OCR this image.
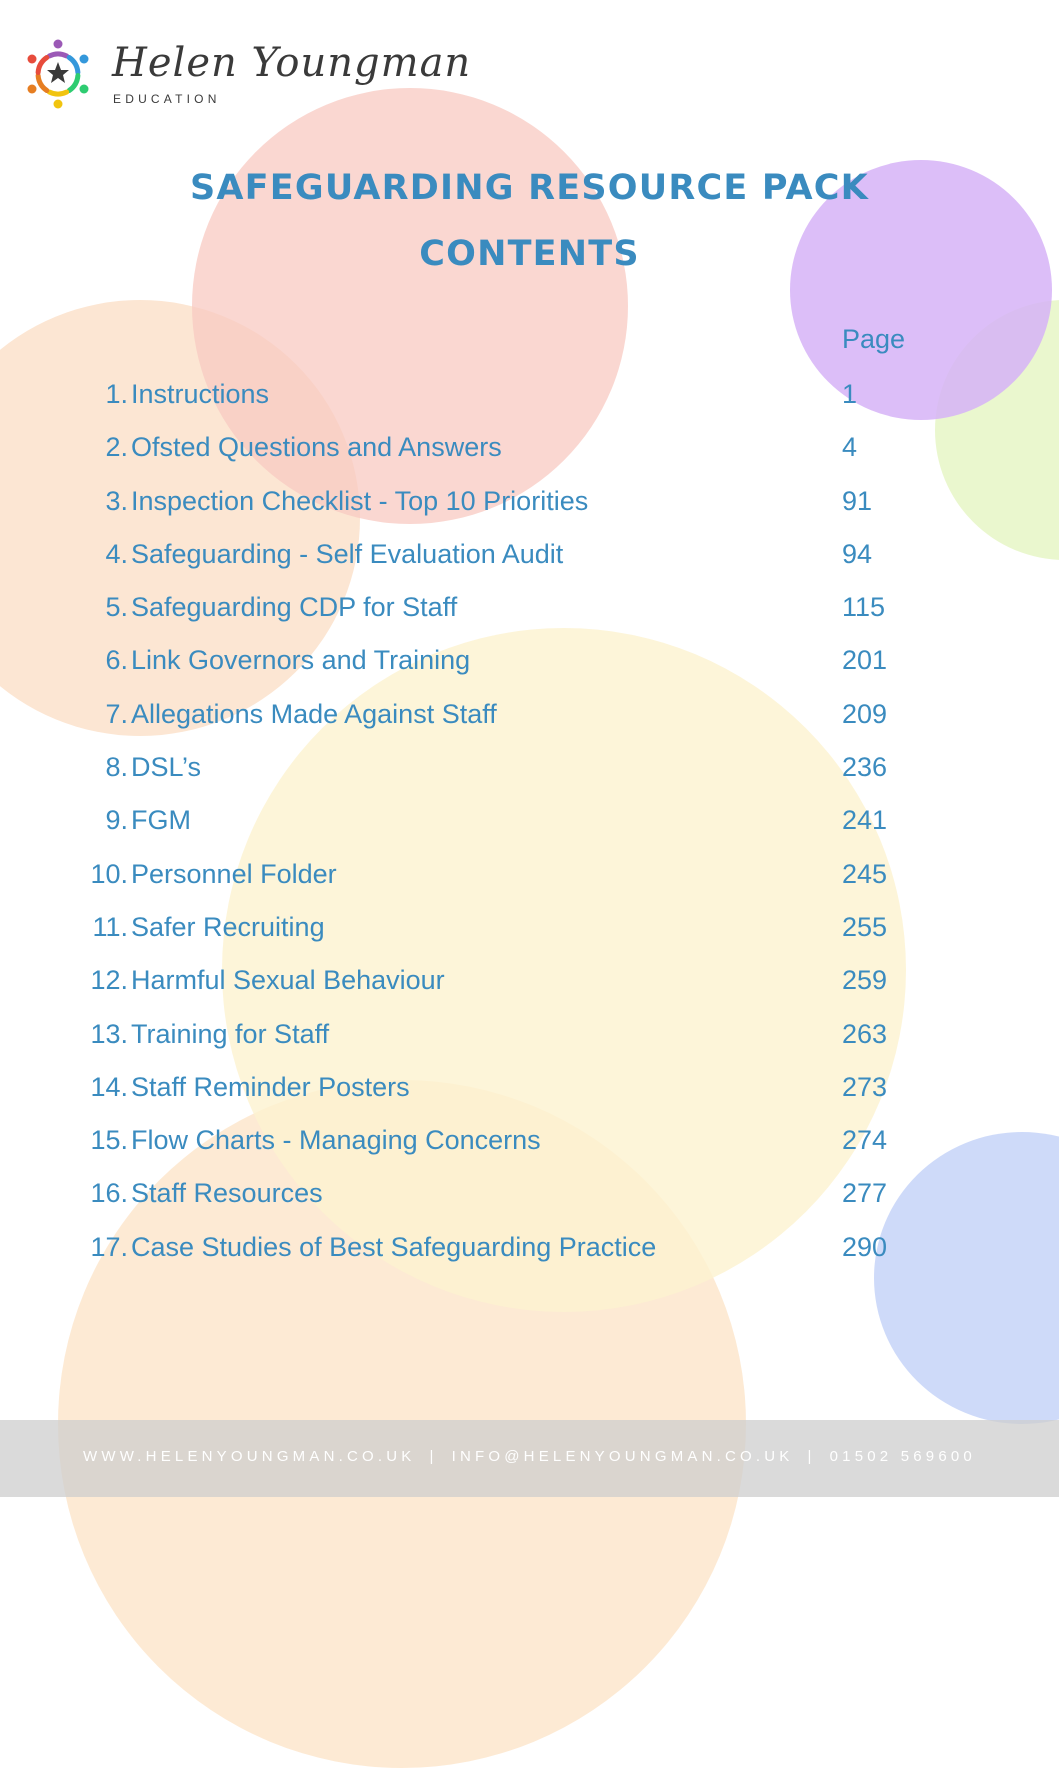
Helen Youngman

EDUCATION

SAFEGUARDING RESOURCE PACK
CONTENTS

Page

1. Instructions	1
2. Ofsted Questions and Answers	4
3. Inspection Checklist - Top 10 Priorities	91
4. Safeguarding - Self Evaluation Audit	94
5. Safeguarding CDP for Staff	115
6. Link Governors and Training	201
7. Allegations Made Against Staff	209
8. DSL’s	236
9. FGM	241
10. Personnel Folder	245
11. Safer Recruiting	255
12. Harmful Sexual Behaviour	259
13. Training for Staff	263
14. Staff Reminder Posters	273
15. Flow Charts - Managing Concerns	274
16. Staff Resources	277
17. Case Studies of Best Safeguarding Practice	290

WWW.HELENYOUNGMAN.CO.UK | INFO@HELENYOUNGMAN.CO.UK | 01502 569600
